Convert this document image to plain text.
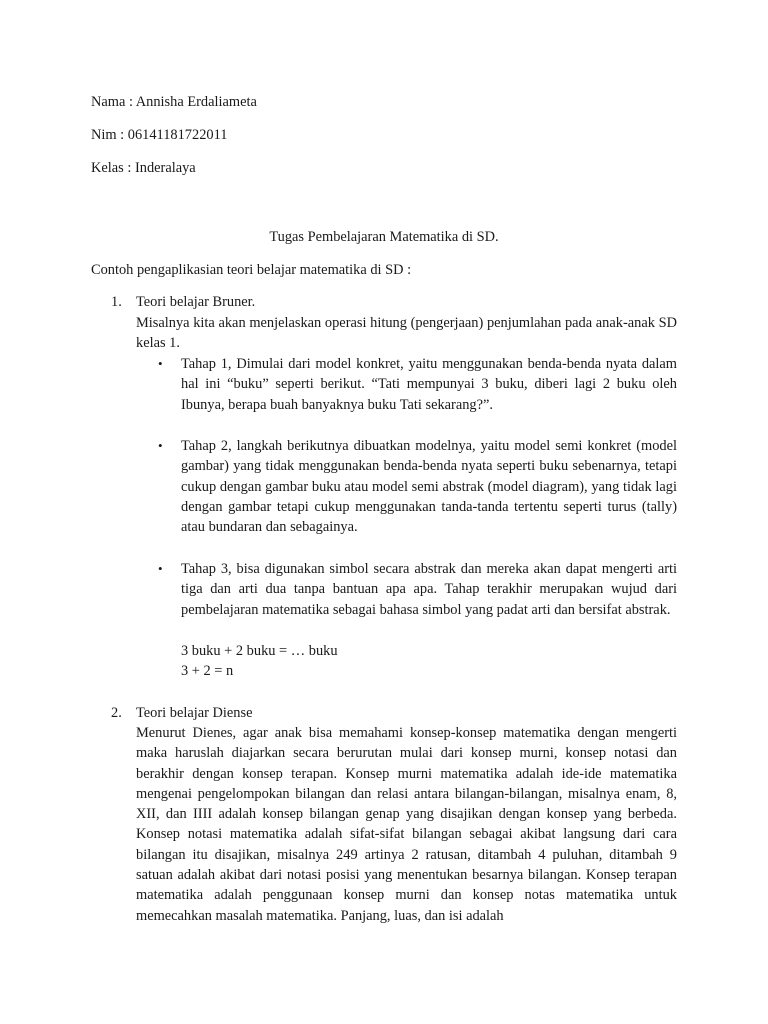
Nama : Annisha Erdaliameta
Nim : 06141181722011
Kelas : Inderalaya
Tugas Pembelajaran Matematika di SD.
Contoh pengaplikasian teori belajar matematika di SD :
1. Teori belajar Bruner.
Misalnya kita akan menjelaskan operasi hitung (pengerjaan) penjumlahan pada anak-anak SD kelas 1.
• Tahap 1, Dimulai dari model konkret, yaitu menggunakan benda-benda nyata dalam hal ini “buku” seperti berikut. “Tati mempunyai 3 buku, diberi lagi 2 buku oleh Ibunya, berapa buah banyaknya buku Tati sekarang?”.
• Tahap 2, langkah berikutnya dibuatkan modelnya, yaitu model semi konkret (model gambar) yang tidak menggunakan benda-benda nyata seperti buku sebenarnya, tetapi cukup dengan gambar buku atau model semi abstrak (model diagram), yang tidak lagi dengan gambar tetapi cukup menggunakan tanda-tanda tertentu seperti turus (tally) atau bundaran dan sebagainya.
• Tahap 3, bisa digunakan simbol secara abstrak dan mereka akan dapat mengerti arti tiga dan arti dua tanpa bantuan apa apa. Tahap terakhir merupakan wujud dari pembelajaran matematika sebagai bahasa simbol yang padat arti dan bersifat abstrak.
3 buku + 2 buku = … buku
3 + 2 = n
2. Teori belajar Diense
Menurut Dienes, agar anak bisa memahami konsep-konsep matematika dengan mengerti maka haruslah diajarkan secara berurutan mulai dari konsep murni, konsep notasi dan berakhir dengan konsep terapan. Konsep murni matematika adalah ide-ide matematika mengenai pengelompokan bilangan dan relasi antara bilangan-bilangan, misalnya enam, 8, XII, dan IIII adalah konsep bilangan genap yang disajikan dengan konsep yang berbeda. Konsep notasi matematika adalah sifat-sifat bilangan sebagai akibat langsung dari cara bilangan itu disajikan, misalnya 249 artinya 2 ratusan, ditambah 4 puluhan, ditambah 9 satuan adalah akibat dari notasi posisi yang menentukan besarnya bilangan. Konsep terapan matematika adalah penggunaan konsep murni dan konsep notas matematika untuk memecahkan masalah matematika. Panjang, luas, dan isi adalah
